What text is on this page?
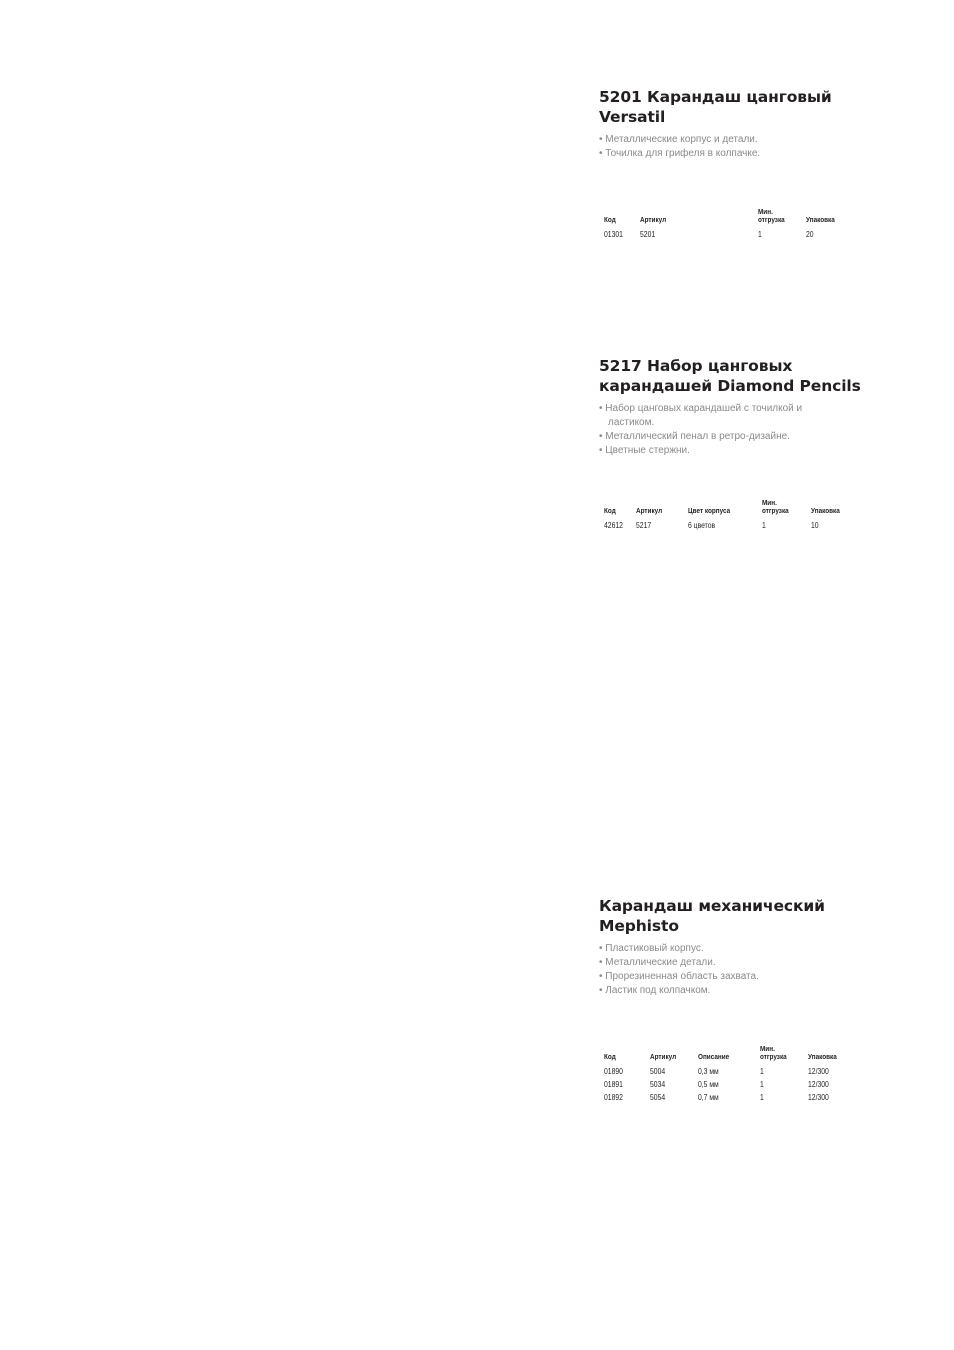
5201 Карандаш цанговый Versatil
• Металлические корпус и детали.
• Точилка для грифеля в колпачке.
Код	Артикул	Мин. отгрузка	Упаковка
01301	5201	1	20
5217 Набор цанговых карандашей Diamond Pencils
• Набор цанговых карандашей с точилкой и ластиком.
• Металлический пенал в ретро-дизайне.
• Цветные стержни.
Код	Артикул	Цвет корпуса	Мин. отгрузка	Упаковка
42612	5217	6 цветов	1	10
Карандаш механический Mephisto
• Пластиковый корпус.
• Металлические детали.
• Прорезиненная область захвата.
• Ластик под колпачком.
Код	Артикул	Описание	Мин. отгрузка	Упаковка
01890	5004	0,3 мм	1	12/300
01891	5034	0,5 мм	1	12/300
01892	5054	0,7 мм	1	12/300
